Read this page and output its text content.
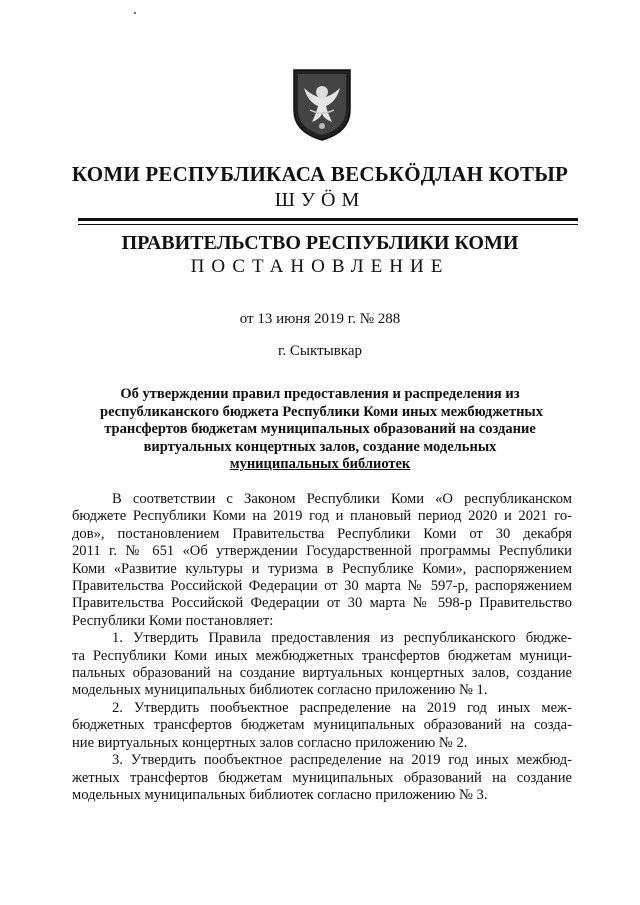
КОМИ РЕСПУБЛИКАСА ВЕСЬКӦДЛАН КОТЫР
ШУӦМ
ПРАВИТЕЛЬСТВО РЕСПУБЛИКИ КОМИ
ПОСТАНОВЛЕНИЕ
от 13 июня 2019 г. № 288
г. Сыктывкар
Об утверждении правил предоставления и распределения из
республиканского бюджета Республики Коми иных межбюджетных
трансфертов бюджетам муниципальных образований на создание
виртуальных концертных залов, создание модельных
муниципальных библиотек
В соответствии с Законом Республики Коми «О республиканском
бюджете Республики Коми на 2019 год и плановый период 2020 и 2021 го-
дов», постановлением Правительства Республики Коми от 30 декабря
2011 г. № 651 «Об утверждении Государственной программы Республики
Коми «Развитие культуры и туризма в Республике Коми», распоряжением
Правительства Российской Федерации от 30 марта № 597-р, распоряжением
Правительства Российской Федерации от 30 марта № 598-р Правительство
Республики Коми постановляет:
1. Утвердить Правила предоставления из республиканского бюдже-
та Республики Коми иных межбюджетных трансфертов бюджетам муници-
пальных образований на создание виртуальных концертных залов, создание
модельных муниципальных библиотек согласно приложению № 1.
2. Утвердить пообъектное распределение на 2019 год иных меж-
бюджетных трансфертов бюджетам муниципальных образований на созда-
ние виртуальных концертных залов согласно приложению № 2.
3. Утвердить пообъектное распределение на 2019 год иных межбюд-
жетных трансфертов бюджетам муниципальных образований на создание
модельных муниципальных библиотек согласно приложению № 3.
